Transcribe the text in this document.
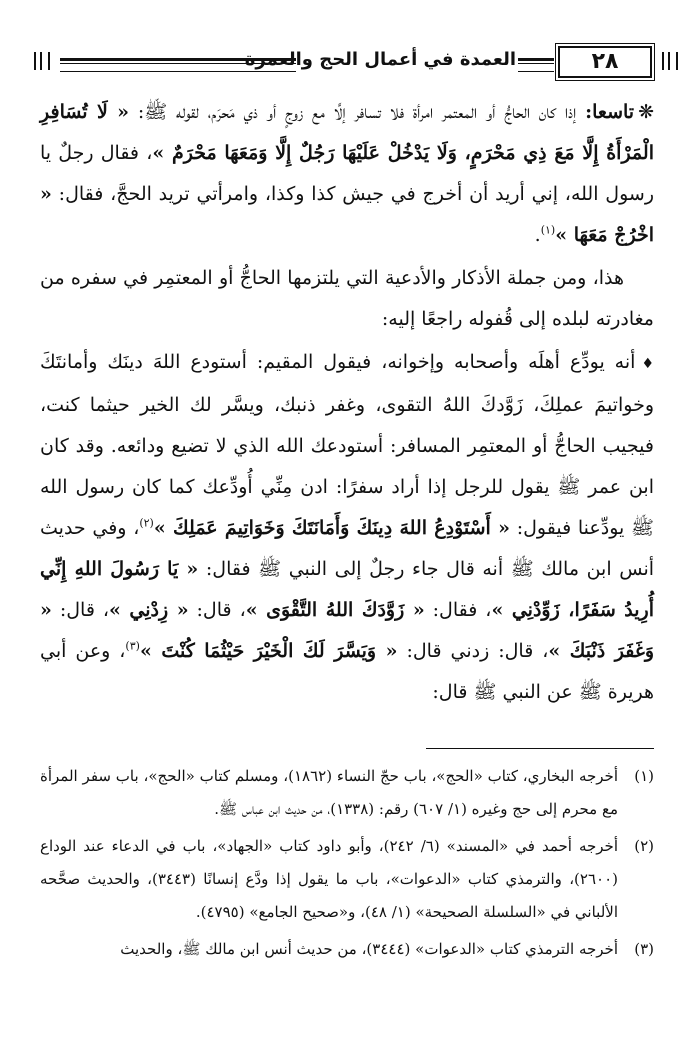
٢٨
العمدة في أعمال الحج والعمرة

❋تاسعا: إذا كان الحاجُّ أو المعتمر امرأة فلا تسافر إلَّا مع زوجٍ أو ذي مَحرَم، لقوله ﷺ: « لَا تُسَافِرِ الْمَرْأَةُ إِلَّا مَعَ ذِي مَحْرَمٍ، وَلَا يَدْخُلْ عَلَيْهَا رَجُلٌ إِلَّا وَمَعَهَا مَحْرَمٌ »، فقال رجلٌ يا رسول الله، إني أريد أن أخرج في جيش كذا وكذا، وامرأتي تريد الحجَّ، فقال: « اخْرُجْ مَعَهَا »$^{(١)}$.

هذا، ومن جملة الأذكار والأدعية التي يلتزمها الحاجُّ أو المعتمِر في سفره من مغادرته لبلده إلى قُفوله راجعًا إليه:

♦أنه يودِّع أهلَه وأصحابه وإخوانه، فيقول المقيم: أستودع اللهَ دينَك وأمانتَكَ وخواتيمَ عملِكَ، زَوَّدكَ اللهُ التقوى، وغفر ذنبك، ويسَّر لك الخير حيثما كنت، فيجيب الحاجُّ أو المعتمِر المسافر: أستودعك الله الذي لا تضيع ودائعه. وقد كان ابن عمر ﷺ يقول للرجل إذا أراد سفرًا: ادن مِنِّي أُودِّعك كما كان رسول الله ﷺ يودِّعنا فيقول: « أَسْتَوْدِعُ اللهَ دِينَكَ وَأَمَانَتَكَ وَخَوَاتِيمَ عَمَلِكَ »$^{(٢)}$، وفي حديث أنس ابن مالك ﷺ أنه قال جاء رجلٌ إلى النبي ﷺ فقال: « يَا رَسُولَ اللهِ إِنِّي أُرِيدُ سَفَرًا، زَوِّدْنِي »، فقال: « زَوَّدَكَ اللهُ التَّقْوَى »، قال: « زِدْنِي »، قال: « وَغَفَرَ ذَنْبَكَ »، قال: زدني قال: « وَيَسَّرَ لَكَ الْخَيْرَ حَيْثُمَا كُنْتَ »$^{(٣)}$، وعن أبي هريرة ﷺ عن النبي ﷺ قال:

(١)
أخرجه البخاري، كتاب «الحج»، باب حجّ النساء (١٨٦٢)، ومسلم كتاب «الحج»، باب سفر المرأة مع محرم إلى حج وغيره (١/ ٦٠٧) رقم: (١٣٣٨)، من حديث ابن عباس ﷺ.
(٢)
أخرجه أحمد في «المسند» (٦/ ٢٤٢)، وأبو داود كتاب «الجهاد»، باب في الدعاء عند الوداع (٢٦٠٠)، والترمذي كتاب «الدعوات»، باب ما يقول إذا ودَّع إنسانًا (٣٤٤٣)، والحديث صحَّحه الألباني في «السلسلة الصحيحة» (١/ ٤٨)، و«صحيح الجامع» (٤٧٩٥).
(٣)
أخرجه الترمذي كتاب «الدعوات» (٣٤٤٤)، من حديث أنس ابن مالك ﷺ، والحديث
